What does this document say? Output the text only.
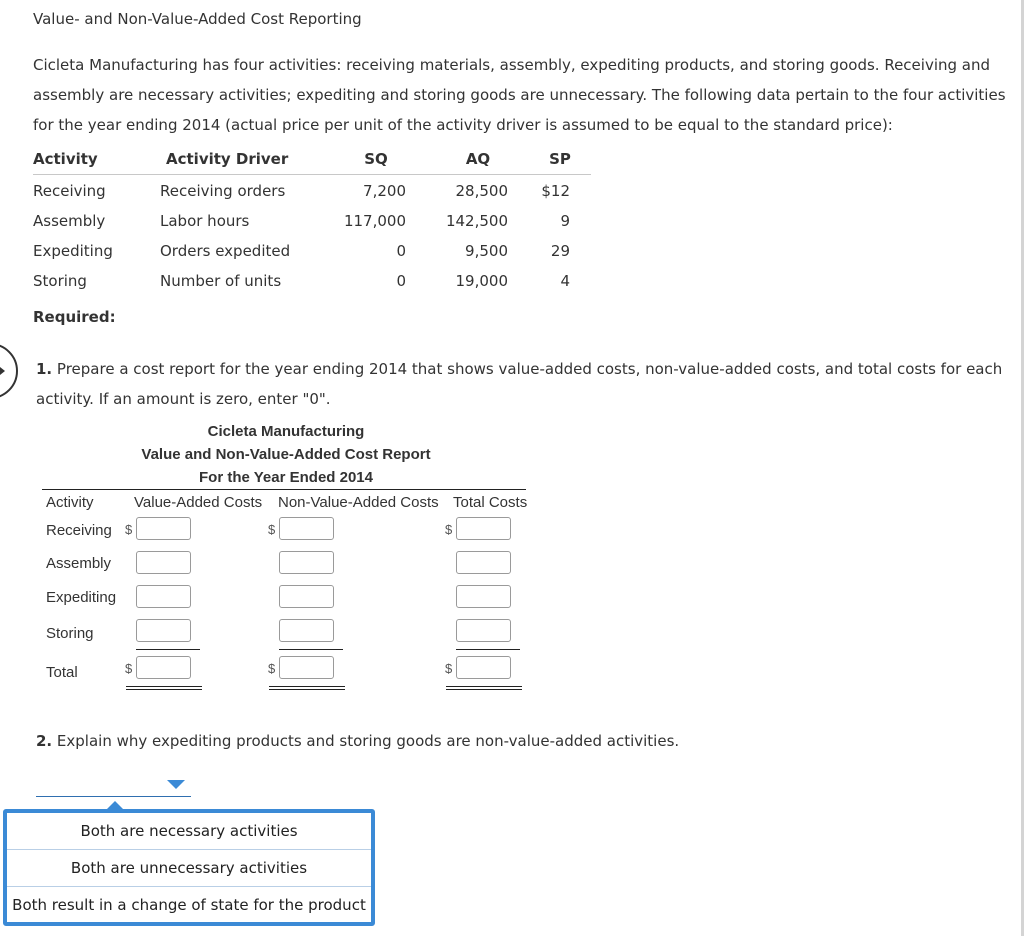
Value- and Non-Value-Added Cost Reporting
Cicleta Manufacturing has four activities: receiving materials, assembly, expediting products, and storing goods. Receiving and assembly are necessary activities; expediting and storing goods are unnecessary. The following data pertain to the four activities for the year ending 2014 (actual price per unit of the activity driver is assumed to be equal to the standard price):
Activity	Activity Driver	SQ	AQ	SP
Receiving	Receiving orders	7,200	28,500	$12
Assembly	Labor hours	117,000	142,500	9
Expediting	Orders expedited	0	9,500	29
Storing	Number of units	0	19,000	4
Required:
1. Prepare a cost report for the year ending 2014 that shows value-added costs, non-value-added costs, and total costs for each activity. If an amount is zero, enter "0".
Cicleta Manufacturing
Value and Non-Value-Added Cost Report
For the Year Ended 2014
Activity	Value-Added Costs Non-Value-Added Costs Total Costs
Receiving $	$	$
Assembly
Expediting
Storing
Total	$	$	$
2. Explain why expediting products and storing goods are non-value-added activities.
Both are necessary activities
Both are unnecessary activities
Both result in a change of state for the product
